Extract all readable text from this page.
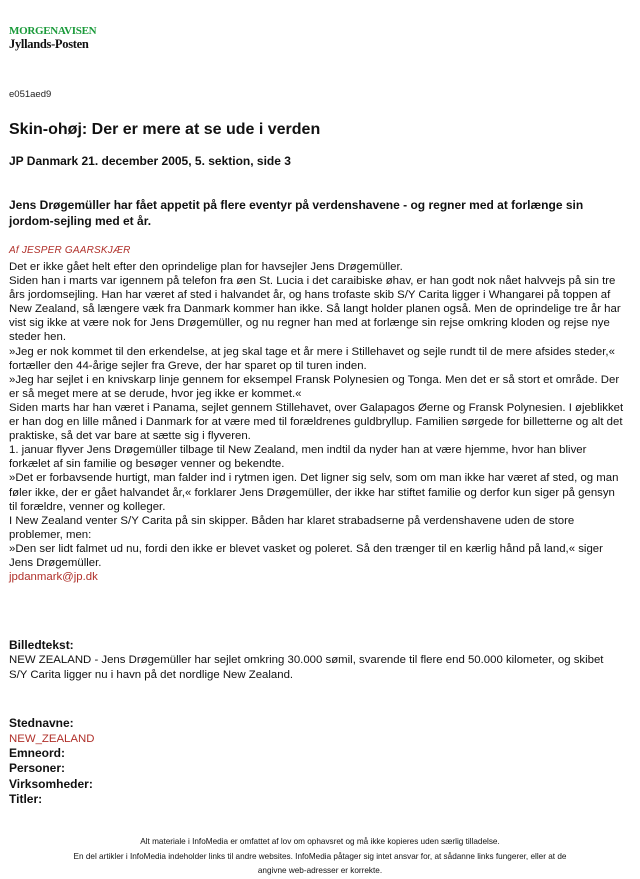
MORGENAVISEN
Jyllands-Posten
e051aed9
Skin-ohøj: Der er mere at se ude i verden
JP Danmark 21. december 2005, 5. sektion, side 3
Jens Drøgemüller har fået appetit på flere eventyr på verdenshavene - og regner med at forlænge sin jordom-sejling med et år.
Af JESPER GAARSKJÆR

Det er ikke gået helt efter den oprindelige plan for havsejler Jens Drøgemüller.

Siden han i marts var igennem på telefon fra øen St. Lucia i det caraibiske øhav, er han godt nok nået halvvejs på sin tre års jordomsejling. Han har været af sted i halvandet år, og hans trofaste skib S/Y Carita ligger i Whangarei på toppen af New Zealand, så længere væk fra Danmark kommer han ikke. Så langt holder planen også. Men de oprindelige tre år har vist sig ikke at være nok for Jens Drøgemüller, og nu regner han med at forlænge sin rejse omkring kloden og rejse nye steder hen.

»Jeg er nok kommet til den erkendelse, at jeg skal tage et år mere i Stillehavet og sejle rundt til de mere afsides steder,« fortæller den 44-årige sejler fra Greve, der har sparet op til turen inden.

»Jeg har sejlet i en knivskarp linje gennem for eksempel Fransk Polynesien og Tonga. Men det er så stort et område. Der er så meget mere at se derude, hvor jeg ikke er kommet.«

Siden marts har han været i Panama, sejlet gennem Stillehavet, over Galapagos Øerne og Fransk Polynesien. I øjeblikket er han dog en lille måned i Danmark for at være med til forældrenes guldbryllup. Familien sørgede for billetterne og alt det praktiske, så det var bare at sætte sig i flyveren.

1. januar flyver Jens Drøgemüller tilbage til New Zealand, men indtil da nyder han at være hjemme, hvor han bliver forkælet af sin familie og besøger venner og bekendte.

»Det er forbavsende hurtigt, man falder ind i rytmen igen. Det ligner sig selv, som om man ikke har været af sted, og man føler ikke, der er gået halvandet år,« forklarer Jens Drøgemüller, der ikke har stiftet familie og derfor kun siger på gensyn til forældre, venner og kolleger.

I New Zealand venter S/Y Carita på sin skipper. Båden har klaret strabadserne på verdenshavene uden de store problemer, men:

»Den ser lidt falmet ud nu, fordi den ikke er blevet vasket og poleret. Så den trænger til en kærlig hånd på land,« siger Jens Drøgemüller.

jpdanmark@jp.dk

Billedtekst:

NEW ZEALAND - Jens Drøgemüller har sejlet omkring 30.000 sømil, svarende til flere end 50.000 kilometer, og skibet S/Y Carita ligger nu i havn på det nordlige New Zealand.

Stednavne:
NEW_ZEALAND
Emneord:
Personer:
Virksomheder:
Titler:

Alt materiale i InfoMedia er omfattet af lov om ophavsret og må ikke kopieres uden særlig tilladelse.

En del artikler i InfoMedia indeholder links til andre websites. InfoMedia påtager sig intet ansvar for, at sådanne links fungerer, eller at de

angivne web-adresser er korrekte.
